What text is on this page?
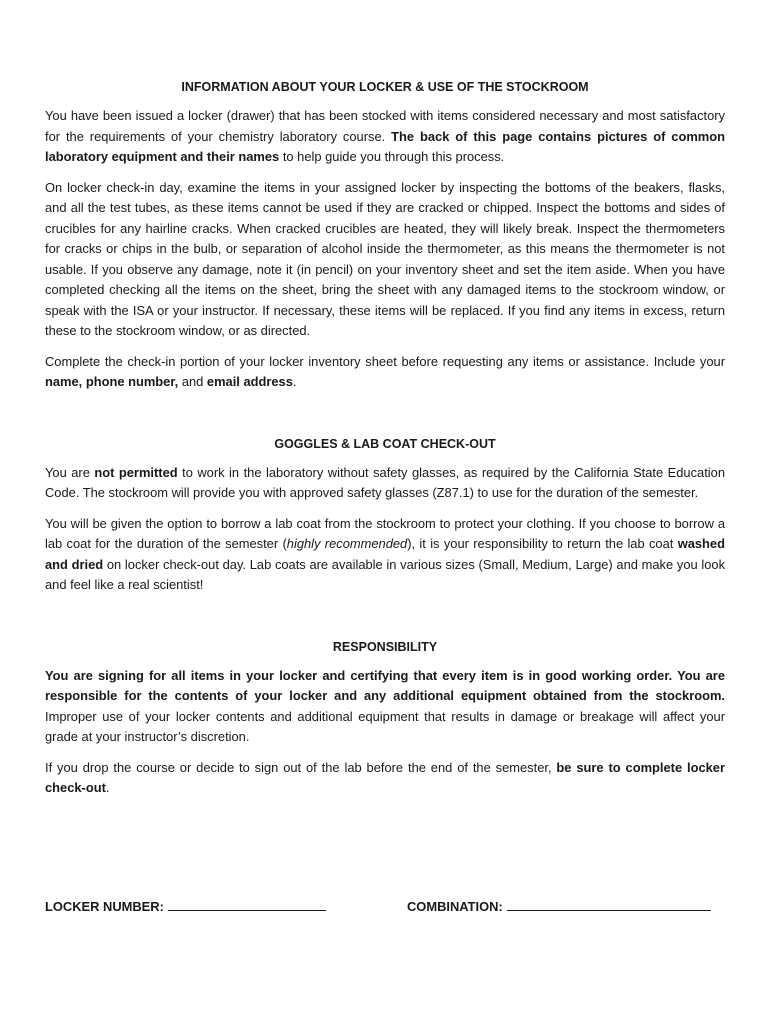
INFORMATION ABOUT YOUR LOCKER & USE OF THE STOCKROOM

You have been issued a locker (drawer) that has been stocked with items considered necessary and most satisfactory for the requirements of your chemistry laboratory course. The back of this page contains pictures of common laboratory equipment and their names to help guide you through this process.

On locker check-in day, examine the items in your assigned locker by inspecting the bottoms of the beakers, flasks, and all the test tubes, as these items cannot be used if they are cracked or chipped. Inspect the bottoms and sides of crucibles for any hairline cracks. When cracked crucibles are heated, they will likely break. Inspect the thermometers for cracks or chips in the bulb, or separation of alcohol inside the thermometer, as this means the thermometer is not usable. If you observe any damage, note it (in pencil) on your inventory sheet and set the item aside. When you have completed checking all the items on the sheet, bring the sheet with any damaged items to the stockroom window, or speak with the ISA or your instructor. If necessary, these items will be replaced. If you find any items in excess, return these to the stockroom window, or as directed.

Complete the check-in portion of your locker inventory sheet before requesting any items or assistance. Include your name, phone number, and email address.

GOGGLES & LAB COAT CHECK-OUT

You are not permitted to work in the laboratory without safety glasses, as required by the California State Education Code. The stockroom will provide you with approved safety glasses (Z87.1) to use for the duration of the semester.

You will be given the option to borrow a lab coat from the stockroom to protect your clothing. If you choose to borrow a lab coat for the duration of the semester (highly recommended), it is your responsibility to return the lab coat washed and dried on locker check-out day. Lab coats are available in various sizes (Small, Medium, Large) and make you look and feel like a real scientist!

RESPONSIBILITY

You are signing for all items in your locker and certifying that every item is in good working order. You are responsible for the contents of your locker and any additional equipment obtained from the stockroom. Improper use of your locker contents and additional equipment that results in damage or breakage will affect your grade at your instructor’s discretion.

If you drop the course or decide to sign out of the lab before the end of the semester, be sure to complete locker check-out.

LOCKER NUMBER:	COMBINATION:
